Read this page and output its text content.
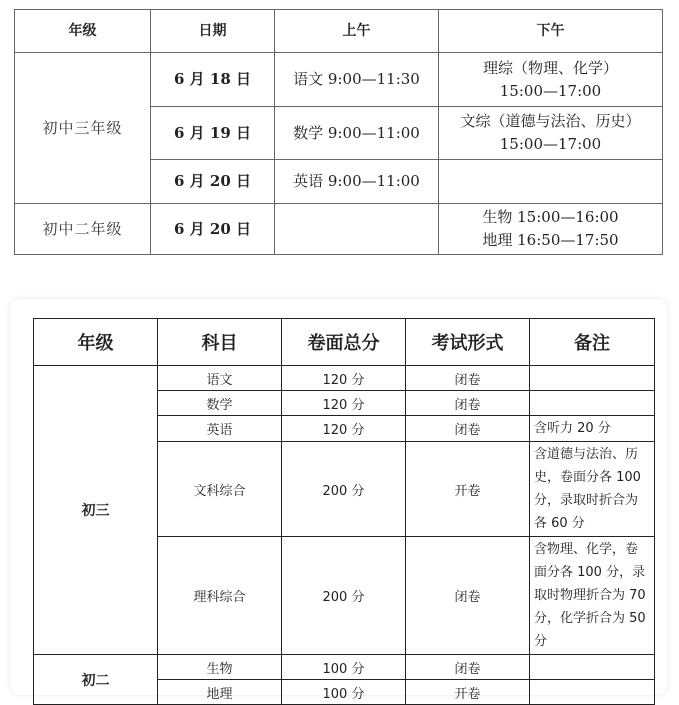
年级	日期	上午	下午
初中三年级	6 月 18 日	语文 9:00—11:30	理综（物理、化学）
15:00—17:00

	6 月 19 日	数学 9:00—11:00	文综（道德与法治、历史）
15:00—17:00

	6 月 20 日	英语 9:00—11:00	

初中二年级	6 月 20 日		生物 15:00—16:00
地理 16:50—17:50
年级	科目	卷面总分	考试形式	备注
初三	语文	120 分	闭卷	
	数学	120 分	闭卷	
	英语	120 分	闭卷	含听力 20 分
	文科综合	200 分	开卷	含道德与法治、历史，卷面分各 100 分，录取时折合为各 60 分
	理科综合	200 分	闭卷	含物理、化学，卷面分各 100 分，录取时物理折合为 70 分，化学折合为 50 分
初二	生物	100 分	闭卷	
	地理	100 分	开卷	
